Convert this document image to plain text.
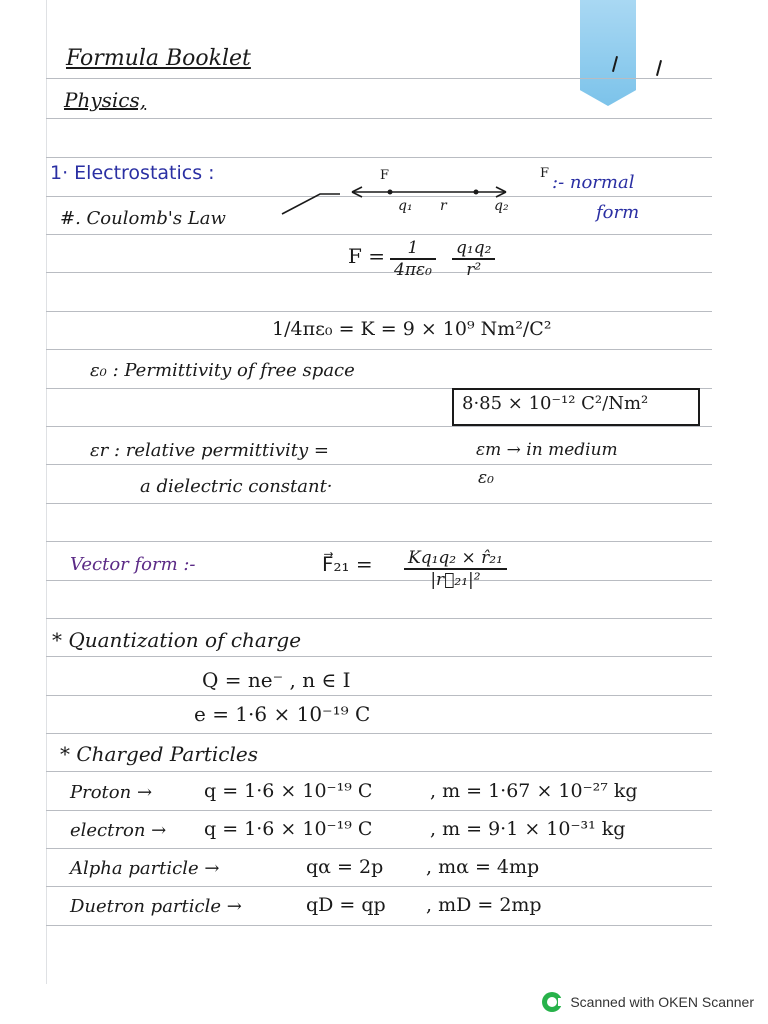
Formula Booklet
Physics,
1· Electrostatics :
#. Coulomb's Law
F	F
q₁ r	q₂
:- normal
form
$F = \frac{1}{\text{4πε₀}} \frac{\text{q₁q₂}}{\text{r²}}$
1/4πε₀ = K = 9 × 10⁹ Nm²/C²
ε₀ : Permittivity of free space
8·85 × 10⁻¹² C²/Nm²
εr : relative permittivity =	εm → in medium
ε₀
a dielectric constant·
Vector form :-	F⃗₂₁ = $\frac{\text{Kq₁q₂ × r̂₂₁}}{\text{|r⃗₂₁|²}}$
* Quantization of charge
Q = ne⁻ , n ∈ I
e = 1·6 × 10⁻¹⁹ C
* Charged Particles
Proton →	q = 1·6 × 10⁻¹⁹ C	, m = 1·67 × 10⁻²⁷ kg
electron → q = 1·6 × 10⁻¹⁹ C	, m = 9·1 × 10⁻³¹ kg
Alpha particle →	qα = 2p , mα = 4mp
Duetron particle →	qD = qp , mD = 2mp
Scanned with OKEN Scanner
